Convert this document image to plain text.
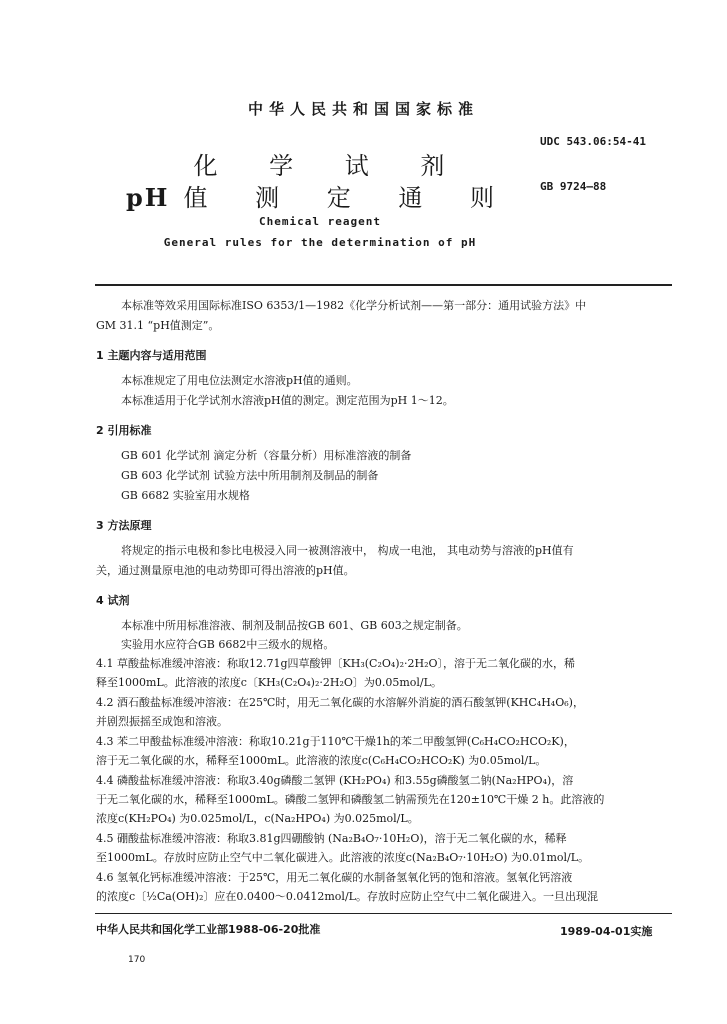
中华人民共和国国家标准
UDC 543.06:54-41
GB 9724—88
化 学 试 剂
pH 值 测 定 通 则
Chemical reagent
General rules for the determination of pH
本标准等效采用国际标准ISO 6353/1—1982《化学分析试剂——第一部分：通用试验方法》中
GM 31.1 “pH值测定”。
1 主题内容与适用范围
本标准规定了用电位法测定水溶液pH值的通则。
本标准适用于化学试剂水溶液pH值的测定。测定范围为pH 1～12。
2 引用标准
GB 601 化学试剂 滴定分析（容量分析）用标准溶液的制备
GB 603 化学试剂 试验方法中所用制剂及制品的制备
GB 6682 实验室用水规格
3 方法原理
将规定的指示电极和参比电极浸入同一被测溶液中， 构成一电池， 其电动势与溶液的pH值有
关，通过测量原电池的电动势即可得出溶液的pH值。
4 试剂
本标准中所用标准溶液、制剂及制品按GB 601、GB 603之规定制备。
实验用水应符合GB 6682中三级水的规格。
4.1 草酸盐标准缓冲溶液：称取12.71g四草酸钾〔KH₃(C₂O₄)₂·2H₂O〕，溶于无二氧化碳的水，稀
释至1000mL。此溶液的浓度c〔KH₃(C₂O₄)₂·2H₂O〕为0.05mol/L。
4.2 酒石酸盐标准缓冲溶液：在25℃时，用无二氧化碳的水溶解外消旋的酒石酸氢钾(KHC₄H₄O₆)，
并剧烈振摇至成饱和溶液。
4.3 苯二甲酸盐标准缓冲溶液：称取10.21g于110℃干燥1h的苯二甲酸氢钾(C₆H₄CO₂HCO₂K)，
溶于无二氧化碳的水，稀释至1000mL。此溶液的浓度c(C₆H₄CO₂HCO₂K) 为0.05mol/L。
4.4 磷酸盐标准缓冲溶液：称取3.40g磷酸二氢钾 (KH₂PO₄) 和3.55g磷酸氢二钠(Na₂HPO₄)，溶
于无二氧化碳的水，稀释至1000mL。磷酸二氢钾和磷酸氢二钠需预先在120±10℃干燥 2 h。此溶液的
浓度c(KH₂PO₄) 为0.025mol/L，c(Na₂HPO₄) 为0.025mol/L。
4.5 硼酸盐标准缓冲溶液：称取3.81g四硼酸钠 (Na₂B₄O₇·10H₂O)，溶于无二氧化碳的水，稀释
至1000mL。存放时应防止空气中二氧化碳进入。此溶液的浓度c(Na₂B₄O₇·10H₂O) 为0.01mol/L。
4.6 氢氧化钙标准缓冲溶液：于25℃，用无二氧化碳的水制备氢氧化钙的饱和溶液。氢氧化钙溶液
的浓度c〔½Ca(OH)₂〕应在0.0400～0.0412mol/L。存放时应防止空气中二氧化碳进入。一旦出现混
中华人民共和国化学工业部1988-06-20批准	1989-04-01实施
170
